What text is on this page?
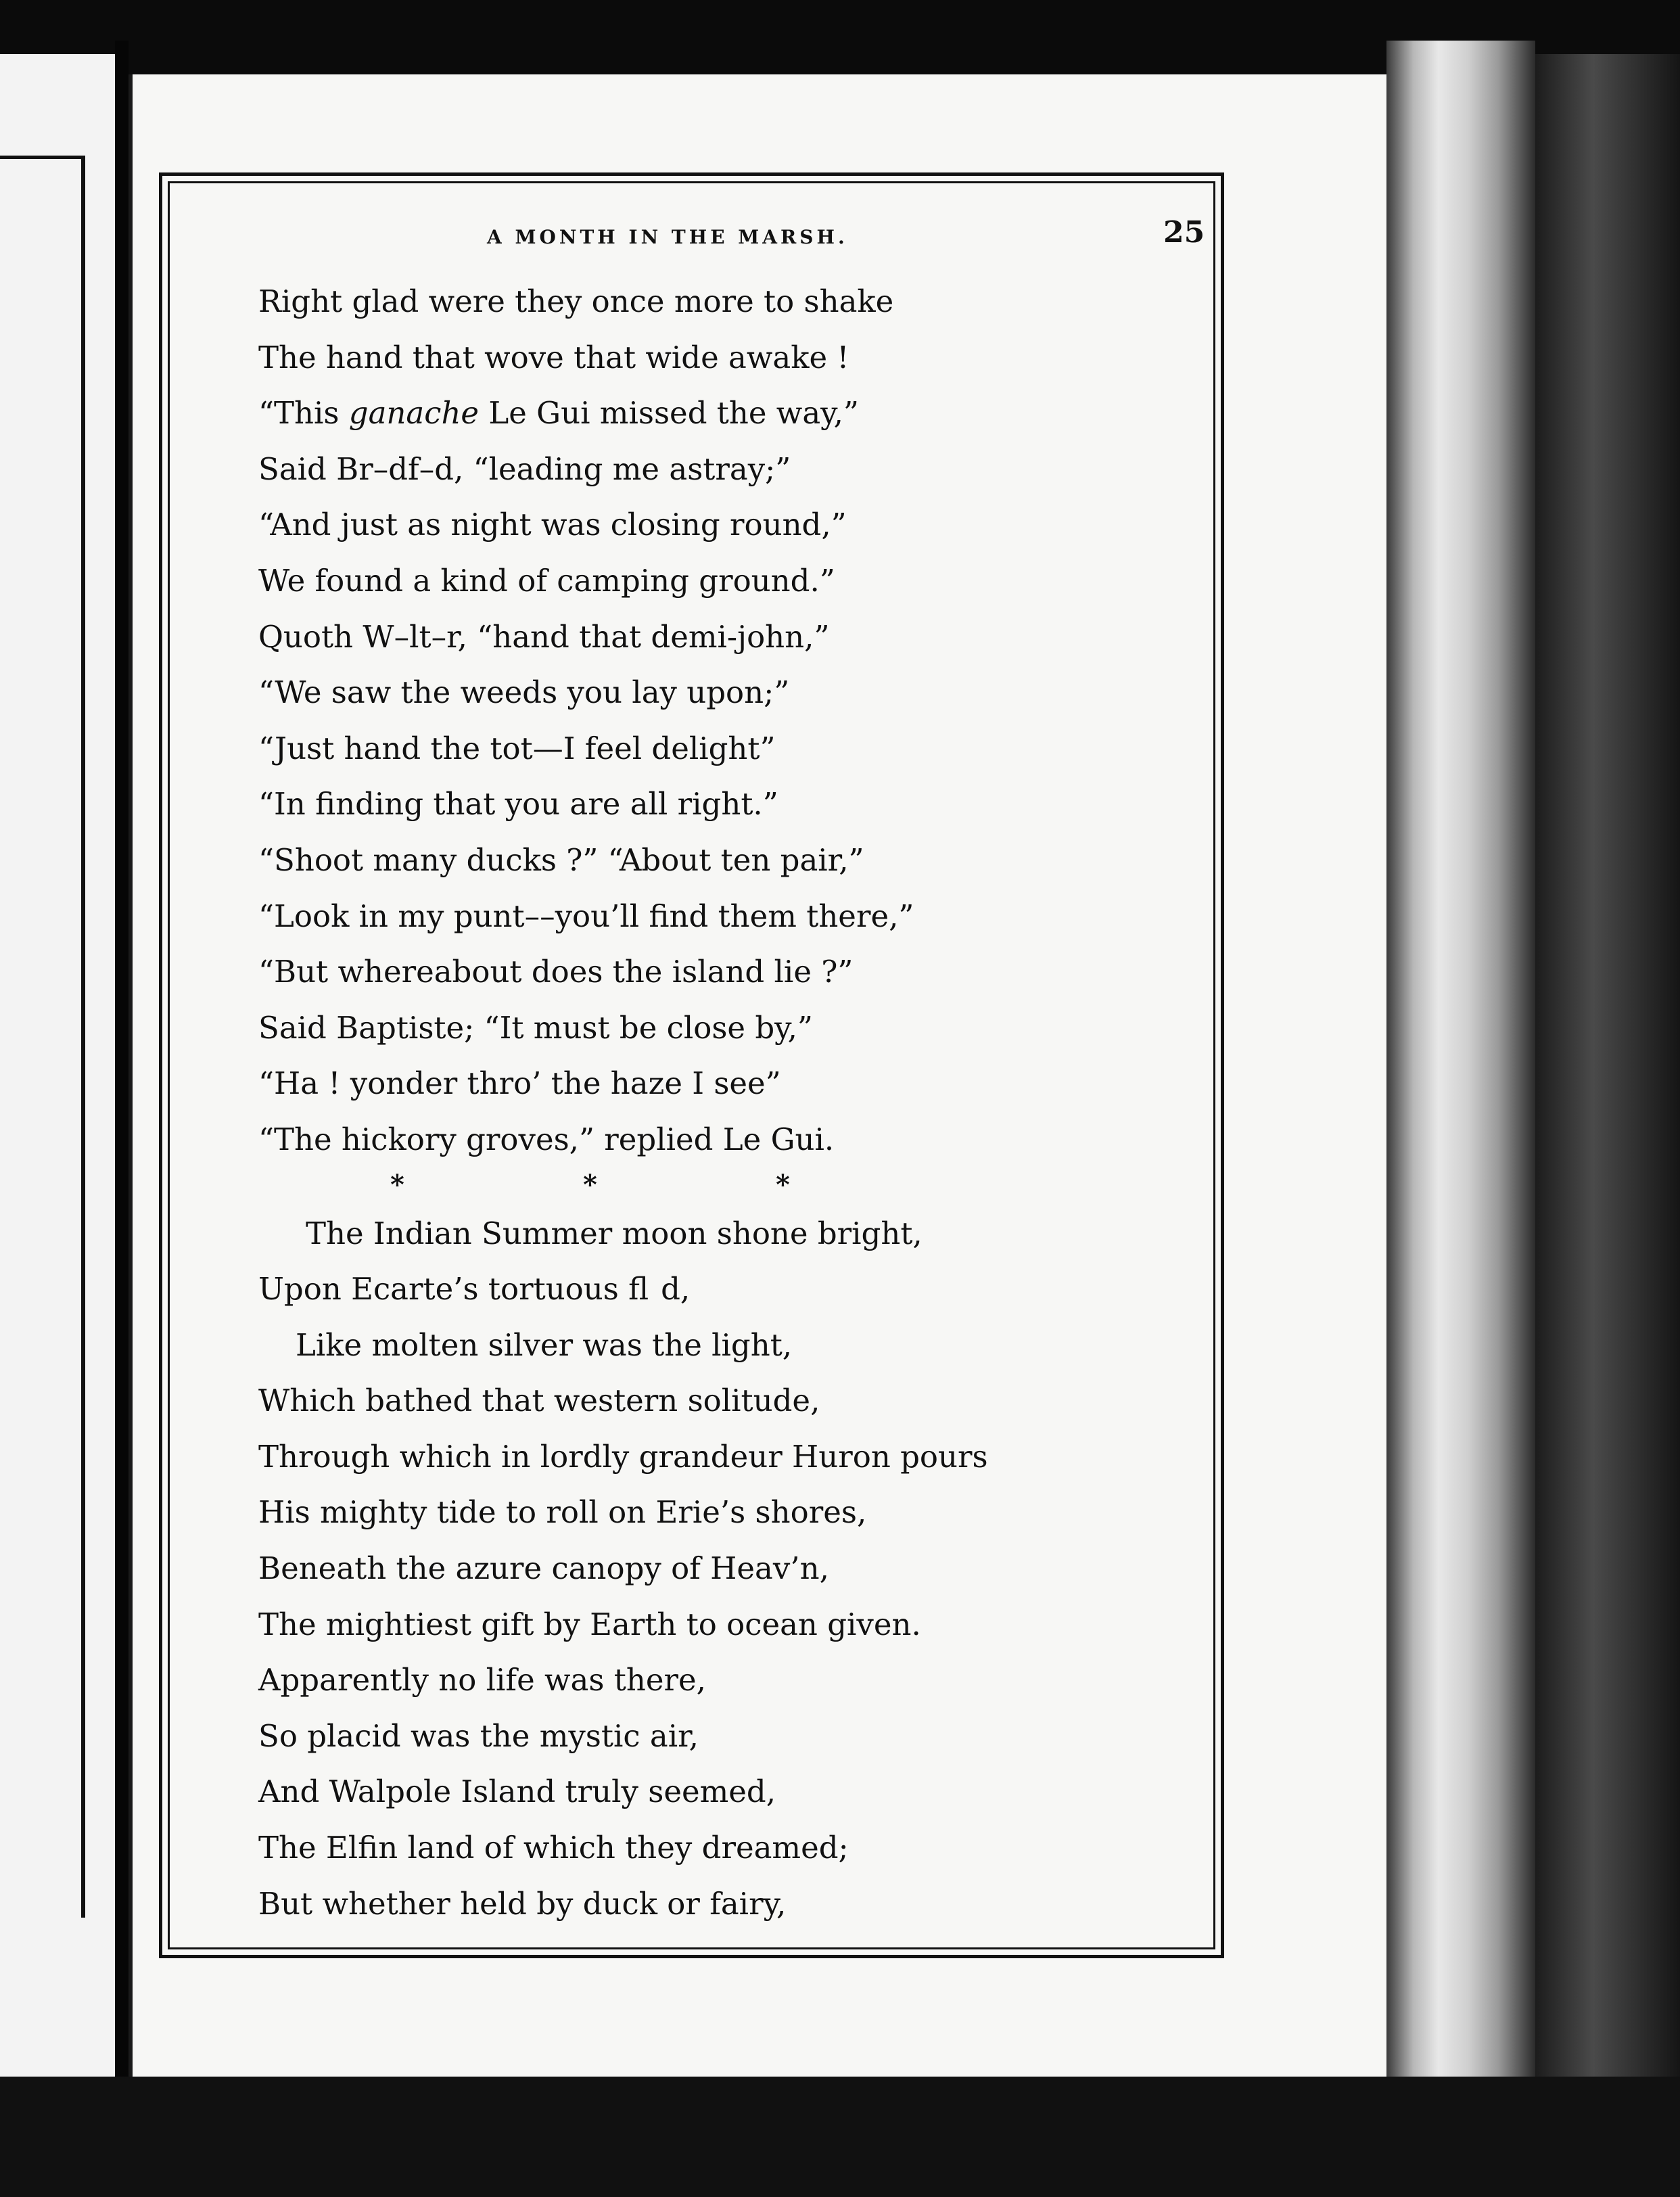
A MONTH IN THE MARSH.	25
Right glad were they once more to shake
The hand that wove that wide awake !
“This ganache Le Gui missed the way,”
Said Br–df–d, “leading me astray;”
“And just as night was closing round,”
We found a kind of camping ground.”
Quoth W–lt–r, “hand that demi-john,”
“We saw the weeds you lay upon;”
“Just hand the tot—I feel delight”
“In finding that you are all right.”
“Shoot many ducks ?” “About ten pair,”
“Look in my punt––you’ll find them there,”
“But whereabout does the island lie ?”
Said Baptiste; “It must be close by,”
“Ha ! yonder thro’ the haze I see”
“The hickory groves,” replied Le Gui.
*	*	*
The Indian Summer moon shone bright,
Upon Ecarte’s tortuous fl  d,
Like molten silver was the light,
Which bathed that western solitude,
Through which in lordly grandeur Huron pours
His mighty tide to roll on Erie’s shores,
Beneath the azure canopy of Heav’n,
The mightiest gift by Earth to ocean given.
Apparently no life was there,
So placid was the mystic air,
And Walpole Island truly seemed,
The Elfin land of which they dreamed;
But whether held by duck or fairy,
